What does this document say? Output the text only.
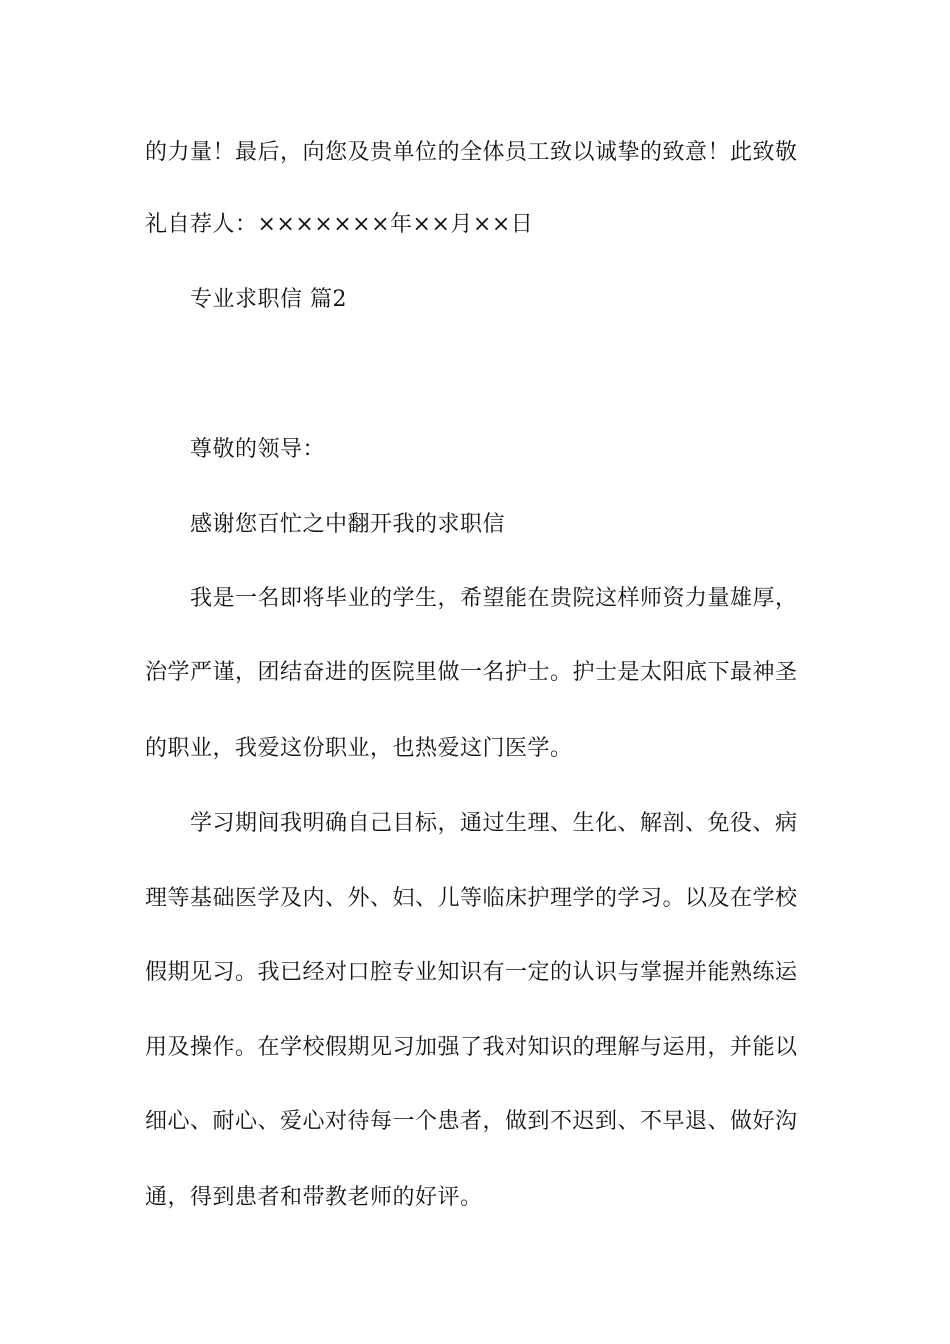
的力量！最后，向您及贵单位的全体员工致以诚挚的致意！此致敬
礼自荐人：×××××××年××月××日
专业求职信 篇2
尊敬的领导：
感谢您百忙之中翻开我的求职信
我是一名即将毕业的学生，希望能在贵院这样师资力量雄厚，
治学严谨，团结奋进的医院里做一名护士。护士是太阳底下最神圣
的职业，我爱这份职业，也热爱这门医学。
学习期间我明确自己目标，通过生理、生化、解剖、免役、病
理等基础医学及内、外、妇、儿等临床护理学的学习。以及在学校
假期见习。我已经对口腔专业知识有一定的认识与掌握并能熟练运
用及操作。在学校假期见习加强了我对知识的理解与运用，并能以
细心、耐心、爱心对待每一个患者，做到不迟到、不早退、做好沟
通，得到患者和带教老师的好评。
